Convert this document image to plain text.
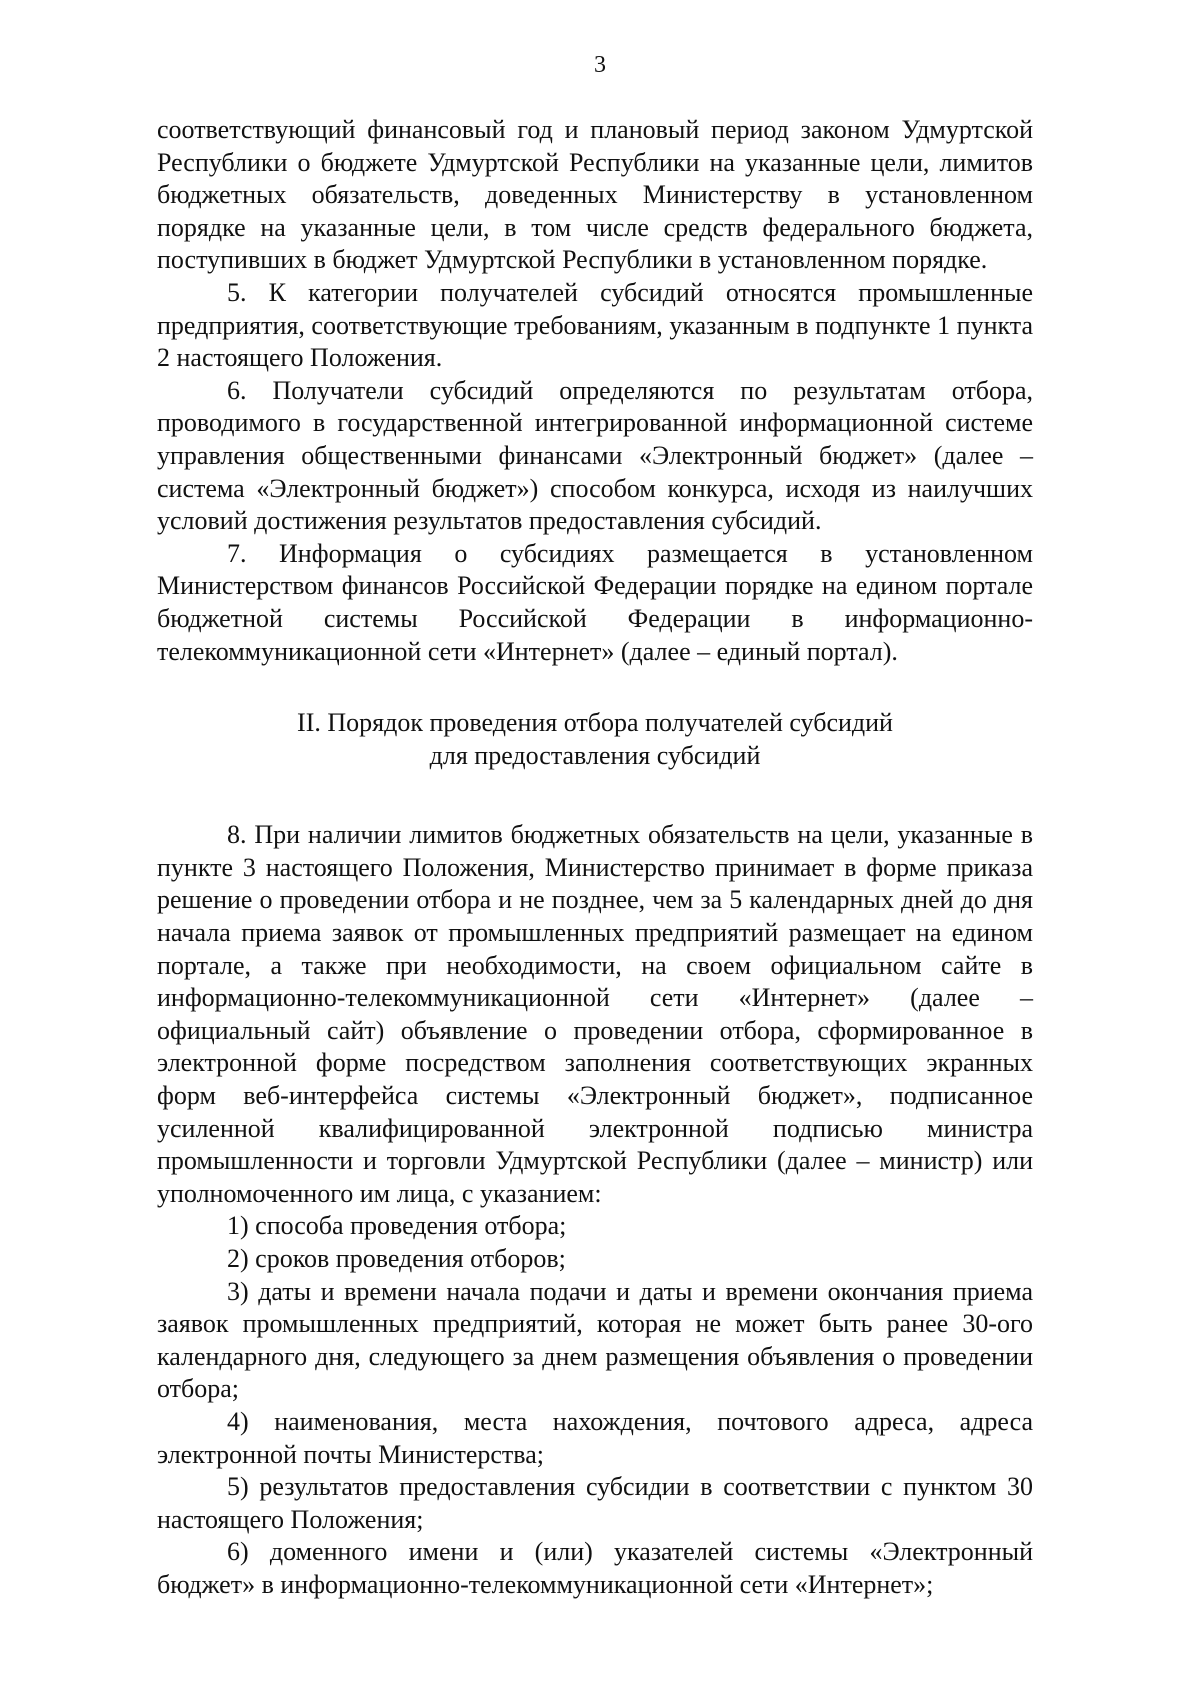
3

соответствующий финансовый год и плановый период законом Удмуртской Республики о бюджете Удмуртской Республики на указанные цели, лимитов бюджетных обязательств, доведенных Министерству в установленном порядке на указанные цели, в том числе средств федерального бюджета, поступивших в бюджет Удмуртской Республики в установленном порядке.

5. К категории получателей субсидий относятся промышленные предприятия, соответствующие требованиям, указанным в подпункте 1 пункта 2 настоящего Положения.

6. Получатели субсидий определяются по результатам отбора, проводимого в государственной интегрированной информационной системе управления общественными финансами «Электронный бюджет» (далее – система «Электронный бюджет») способом конкурса, исходя из наилучших условий достижения результатов предоставления субсидий.

7. Информация о субсидиях размещается в установленном Министерством финансов Российской Федерации порядке на едином портале бюджетной системы Российской Федерации в информационно-телекоммуникационной сети «Интернет» (далее – единый портал).

II. Порядок проведения отбора получателей субсидий
для предоставления субсидий

8. При наличии лимитов бюджетных обязательств на цели, указанные в пункте 3 настоящего Положения, Министерство принимает в форме приказа решение о проведении отбора и не позднее, чем за 5 календарных дней до дня начала приема заявок от промышленных предприятий размещает на едином портале, а также при необходимости, на своем официальном сайте в информационно-телекоммуникационной сети «Интернет» (далее – официальный сайт) объявление о проведении отбора, сформированное в электронной форме посредством заполнения соответствующих экранных форм веб-интерфейса системы «Электронный бюджет», подписанное усиленной квалифицированной электронной подписью министра промышленности и торговли Удмуртской Республики (далее – министр) или уполномоченного им лица, с указанием:

1) способа проведения отбора;

2) сроков проведения отборов;

3) даты и времени начала подачи и даты и времени окончания приема заявок промышленных предприятий, которая не может быть ранее 30-ого календарного дня, следующего за днем размещения объявления о проведении отбора;

4) наименования, места нахождения, почтового адреса, адреса электронной почты Министерства;

5) результатов предоставления субсидии в соответствии с пунктом 30 настоящего Положения;

6) доменного имени и (или) указателей системы «Электронный бюджет» в информационно-телекоммуникационной сети «Интернет»;
